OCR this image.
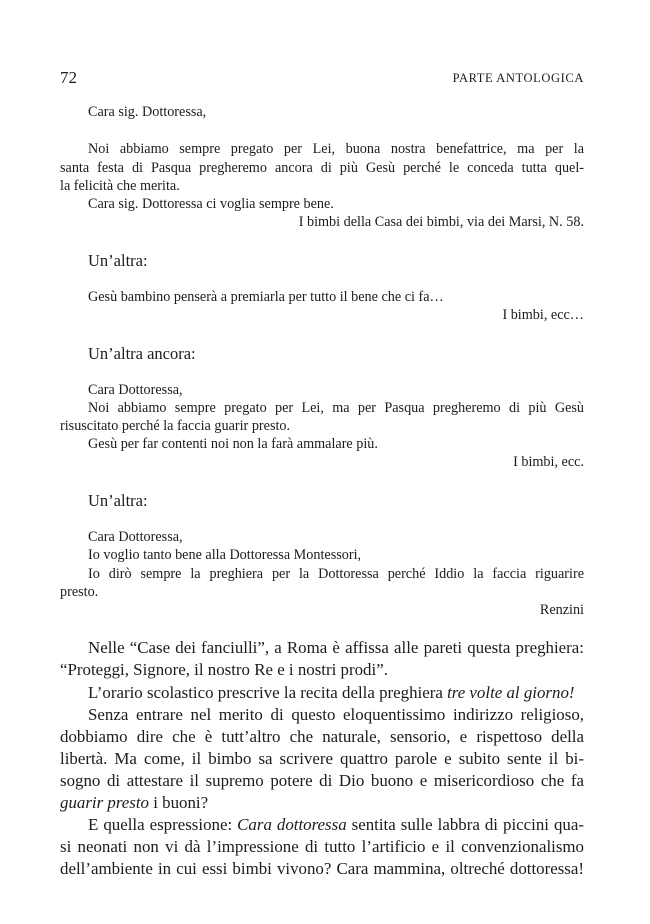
72	PARTE ANTOLOGICA
Cara sig. Dottoressa,
Noi abbiamo sempre pregato per Lei, buona nostra benefattrice, ma per la
santa festa di Pasqua pregheremo ancora di più Gesù perché le conceda tutta quel-
la felicità che merita.
Cara sig. Dottoressa ci voglia sempre bene.
I bimbi della Casa dei bimbi, via dei Marsi, N. 58.
Un’altra:
Gesù bambino penserà a premiarla per tutto il bene che ci fa…
I bimbi, ecc…
Un’altra ancora:
Cara Dottoressa,
Noi abbiamo sempre pregato per Lei, ma per Pasqua pregheremo di più Gesù
risuscitato perché la faccia guarir presto.
Gesù per far contenti noi non la farà ammalare più.
I bimbi, ecc.
Un’altra:
Cara Dottoressa,
Io voglio tanto bene alla Dottoressa Montessori,
Io dirò sempre la preghiera per la Dottoressa perché Iddio la faccia riguarire
presto.
Renzini
Nelle “Case dei fanciulli”, a Roma è affissa alle pareti questa preghiera:
“Proteggi, Signore, il nostro Re e i nostri prodi”.
L’orario scolastico prescrive la recita della preghiera tre volte al giorno!
Senza entrare nel merito di questo eloquentissimo indirizzo religioso,
dobbiamo dire che è tutt’altro che naturale, sensorio, e rispettoso della
libertà. Ma come, il bimbo sa scrivere quattro parole e subito sente il bi-
sogno di attestare il supremo potere di Dio buono e misericordioso che fa
guarir presto i buoni?
E quella espressione: Cara dottoressa sentita sulle labbra di piccini qua-
si neonati non vi dà l’impressione di tutto l’artificio e il convenzionalismo
dell’ambiente in cui essi bimbi vivono? Cara mammina, oltreché dottoressa!
